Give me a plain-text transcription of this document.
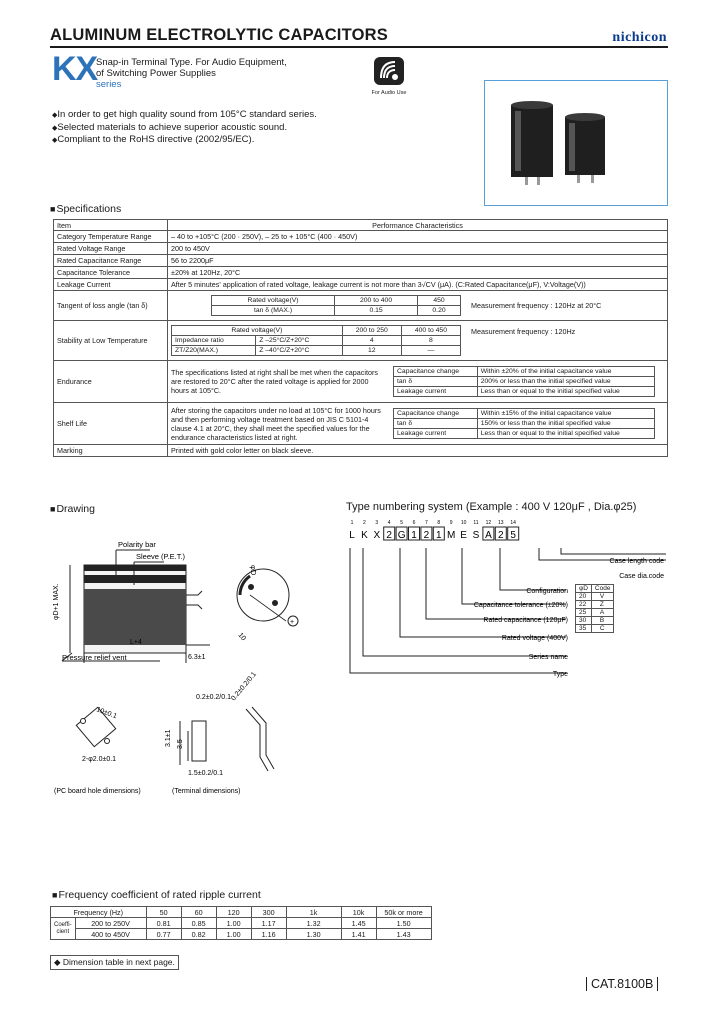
ALUMINUM ELECTROLYTIC CAPACITORS	nichicon
KX
Snap-in Terminal Type. For Audio Equipment,
of Switching Power Supplies
series
For Audio Use
◆ In order to get high quality sound from 105°C standard series.
◆ Selected materials to achieve superior acoustic sound.
◆ Compliant to the RoHS directive (2002/95/EC).
■ Specifications
Item	Performance Characteristics
Category Temperature Range	– 40 to +105°C (200 · 250V), – 25 to + 105°C (400 · 450V)
Rated Voltage Range	200 to 450V
Rated Capacitance Range	56 to 2200μF
Capacitance Tolerance	±20% at 120Hz, 20°C
Leakage Current	After 5 minutes' application of rated voltage, leakage current is not more than 3√CV (μA). (C:Rated Capacitance(μF), V:Voltage(V))
Tangent of loss angle (tan δ)	
Rated voltage(V)	200 to 400	450
tan δ (MAX.)	0.15	0.20
Measurement frequency : 120Hz at 20°C

Stability at Low Temperature	
Rated voltage(V)	200 to 250	400 to 450
Impedance ratio	Z –25°C/Z+20°C	4	8
ZT/Z20(MAX.)	Z –40°C/Z+20°C	12	—
Measurement frequency : 120Hz

Endurance	
The specifications listed at right shall be met when the capacitors are restored to 20°C after the rated voltage is applied for 2000 hours at 105°C.
Capacitance change	Within ±20% of the initial capacitance value
tan δ	200% or less than the initial specified value
Leakage current	Less than or equal to the initial specified value

Shelf Life	
After storing the capacitors under no load at 105°C for 1000 hours and then performing voltage treatment based on JIS C 5101-4 clause 4.1 at 20°C, they shall meet the specified values for the endurance characteristics listed at right.
Capacitance change	Within ±15% of the initial capacitance value
tan δ	150% or less than the initial specified value
Leakage current	Less than or equal to the initial specified value

Marking	Printed with gold color letter on black sleeve.
■ Drawing
Polarity bar
Sleeve (P.E.T.)
Pressure relief vent
L+4
6.3±1
φD+1 MAX.
+
φD
10
10±0.1
2-φ2.0±0.1
(PC board hole dimensions)
0.2±0.2/0.1 0.2±0.2/0.1
3.1±1 3.5
1.5±0.2/0.1
(Terminal dimensions)
Type numbering system (Example : 400 V 120μF , Dia.φ25)
1
L
2
K
3
X
4
2
5
G
6
1
7
2
8
1
9
M
10
E
11
S
12
A
13
2
14
5
Case length code
Case dia.code
Configuration
Capacitance tolerance (±20%)
Rated capacitance (120μF)
Rated voltage (400V)
Series name
Type
φD	Code
20	V
22	Z
25	A
30	B
35	C
■ Frequency coefficient of rated ripple current
Frequency (Hz)		50	60	120	300	1k	10k	50k or more
Coeffi- cient	200 to 250V	0.81	0.85	1.00	1.17	1.32	1.45	1.50
	400 to 450V	0.77	0.82	1.00	1.16	1.30	1.41	1.43
◆ Dimension table in next page.
CAT.8100B
